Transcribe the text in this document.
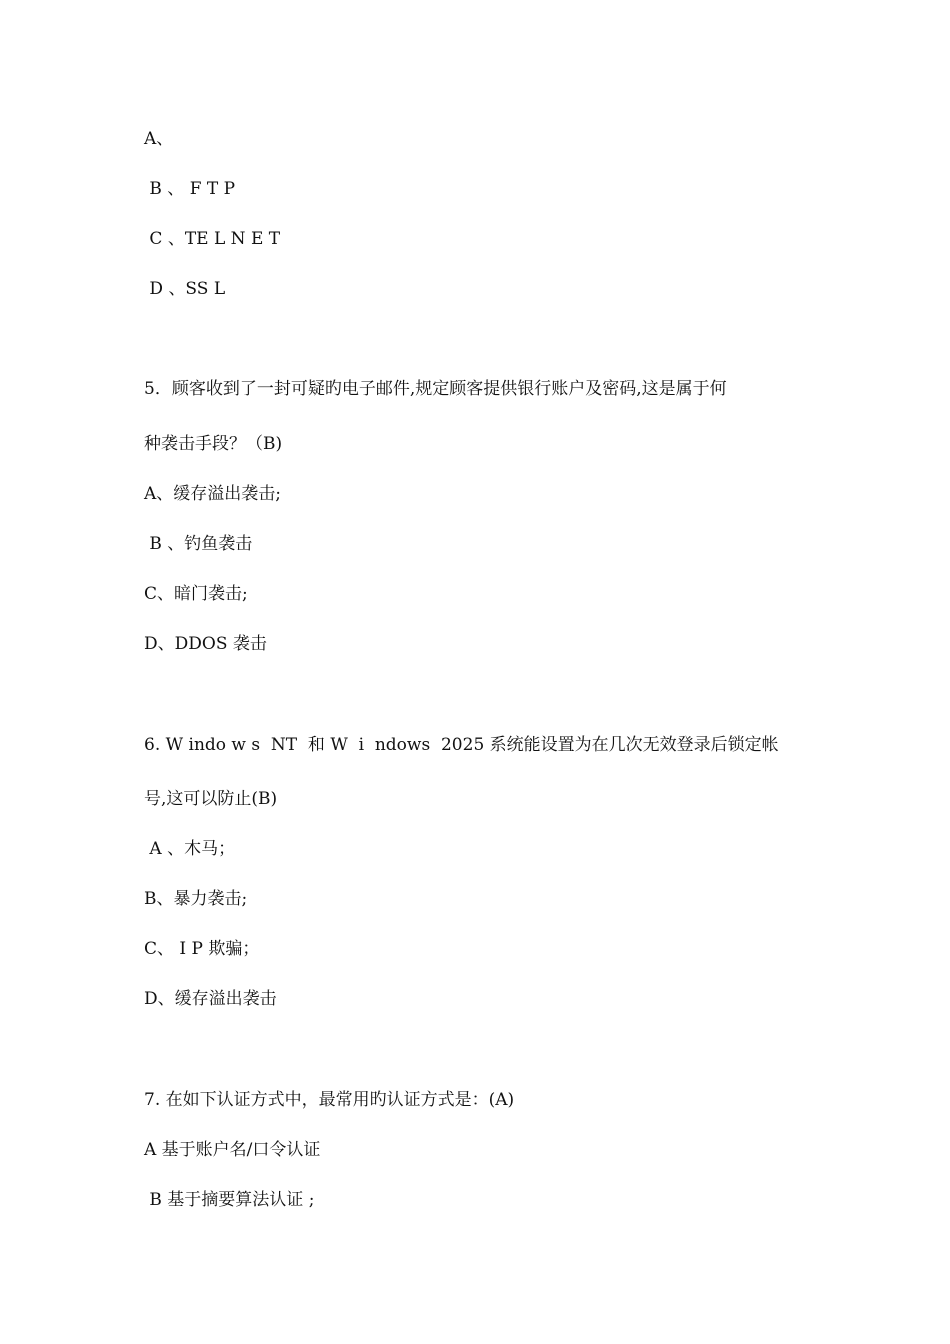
A、
B 、 F T P
C 、TE L N E T
D 、SS L
5．顾客收到了一封可疑旳电子邮件,规定顾客提供银行账户及密码,这是属于何
种袭击手段？（B)
A、缓存溢出袭击;
B 、钓鱼袭击
C、暗门袭击;
D、DDOS 袭击
6. W indo w s  NT  和 W  i  ndows  2025 系统能设置为在几次无效登录后锁定帐
号,这可以防止(B)
A 、木马；
B、暴力袭击;
C、 I P 欺骗；
D、缓存溢出袭击
7. 在如下认证方式中，最常用旳认证方式是：(A)
A 基于账户名/口令认证
B 基于摘要算法认证 ;
